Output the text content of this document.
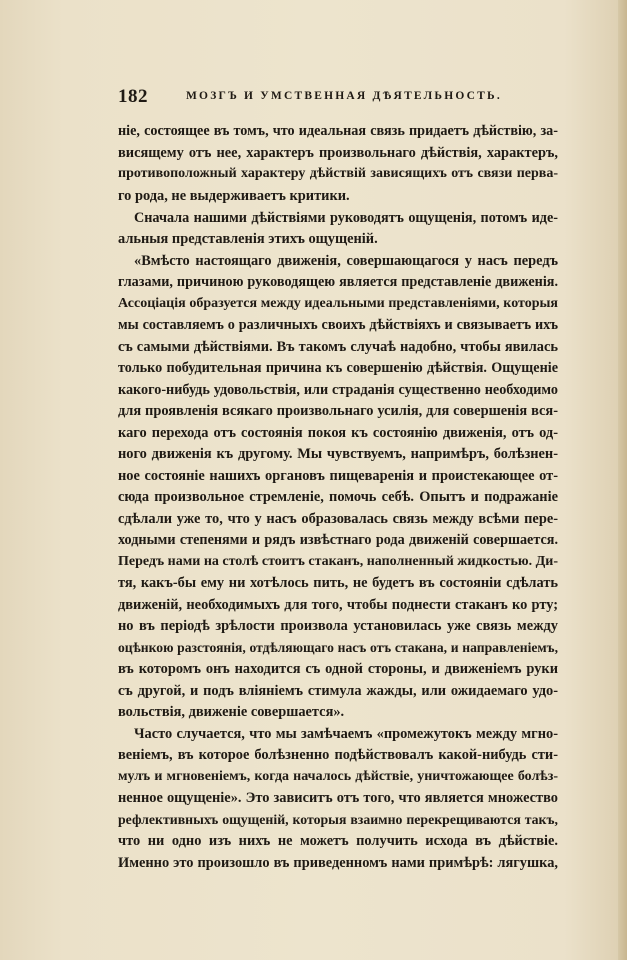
182	МОЗГЪ И УМСТВЕННАЯ ДѢЯТЕЛЬНОСТЬ.
ніе, состоящее въ томъ, что идеальная связь придаетъ дѣйствію, за-
висящему отъ нее, характеръ произвольнаго дѣйствія, характеръ,
противоположный характеру дѣйствій зависящихъ отъ связи перва-
го рода, не выдерживаетъ критики.
Сначала нашими дѣйствіями руководятъ ощущенія, потомъ иде-
альныя представленія этихъ ощущеній.
«Вмѣсто настоящаго движенія, совершающагося у насъ передъ
глазами, причиною руководящею является представленіе движенія.
Ассоціація образуется между идеальными представленіями, которыя
мы составляемъ о различныхъ своихъ дѣйствіяхъ и связываетъ ихъ
съ самыми дѣйствіями. Въ такомъ случаѣ надобно, чтобы явилась
только побудительная причина къ совершенію дѣйствія. Ощущеніе
какого-нибудь удовольствія, или страданія существенно необходимо
для проявленія всякаго произвольнаго усилія, для совершенія вся-
каго перехода отъ состоянія покоя къ состоянію движенія, отъ од-
ного движенія къ другому. Мы чувствуемъ, напримѣръ, болѣзнен-
ное состояніе нашихъ органовъ пищеваренія и проистекающее от-
сюда произвольное стремленіе, помочь себѣ. Опытъ и подражаніе
сдѣлали уже то, что у насъ образовалась связь между всѣми пере-
ходными степенями и рядъ извѣстнаго рода движеній совершается.
Передъ нами на столѣ стоитъ стаканъ, наполненный жидкостью. Ди-
тя, какъ-бы ему ни хотѣлось пить, не будетъ въ состояніи сдѣлать
движеній, необходимыхъ для того, чтобы поднести стаканъ ко рту;
но въ періодѣ зрѣлости произвола установилась уже связь между
оцѣнкою разстоянія, отдѣляющаго насъ отъ стакана, и направленіемъ,
въ которомъ онъ находится съ одной стороны, и движеніемъ руки
съ другой, и подъ вліяніемъ стимула жажды, или ожидаемаго удо-
вольствія, движеніе совершается».
Часто случается, что мы замѣчаемъ «промежутокъ между мгно-
веніемъ, въ которое болѣзненно подѣйствовалъ какой-нибудь сти-
мулъ и мгновеніемъ, когда началось дѣйствіе, уничтожающее болѣз-
ненное ощущеніе». Это зависитъ отъ того, что является множество
рефлективныхъ ощущеній, которыя взаимно перекрещиваются такъ,
что ни одно изъ нихъ не можетъ получить исхода въ дѣйствіе.
Именно это произошло въ приведенномъ нами примѣрѣ: лягушка,
